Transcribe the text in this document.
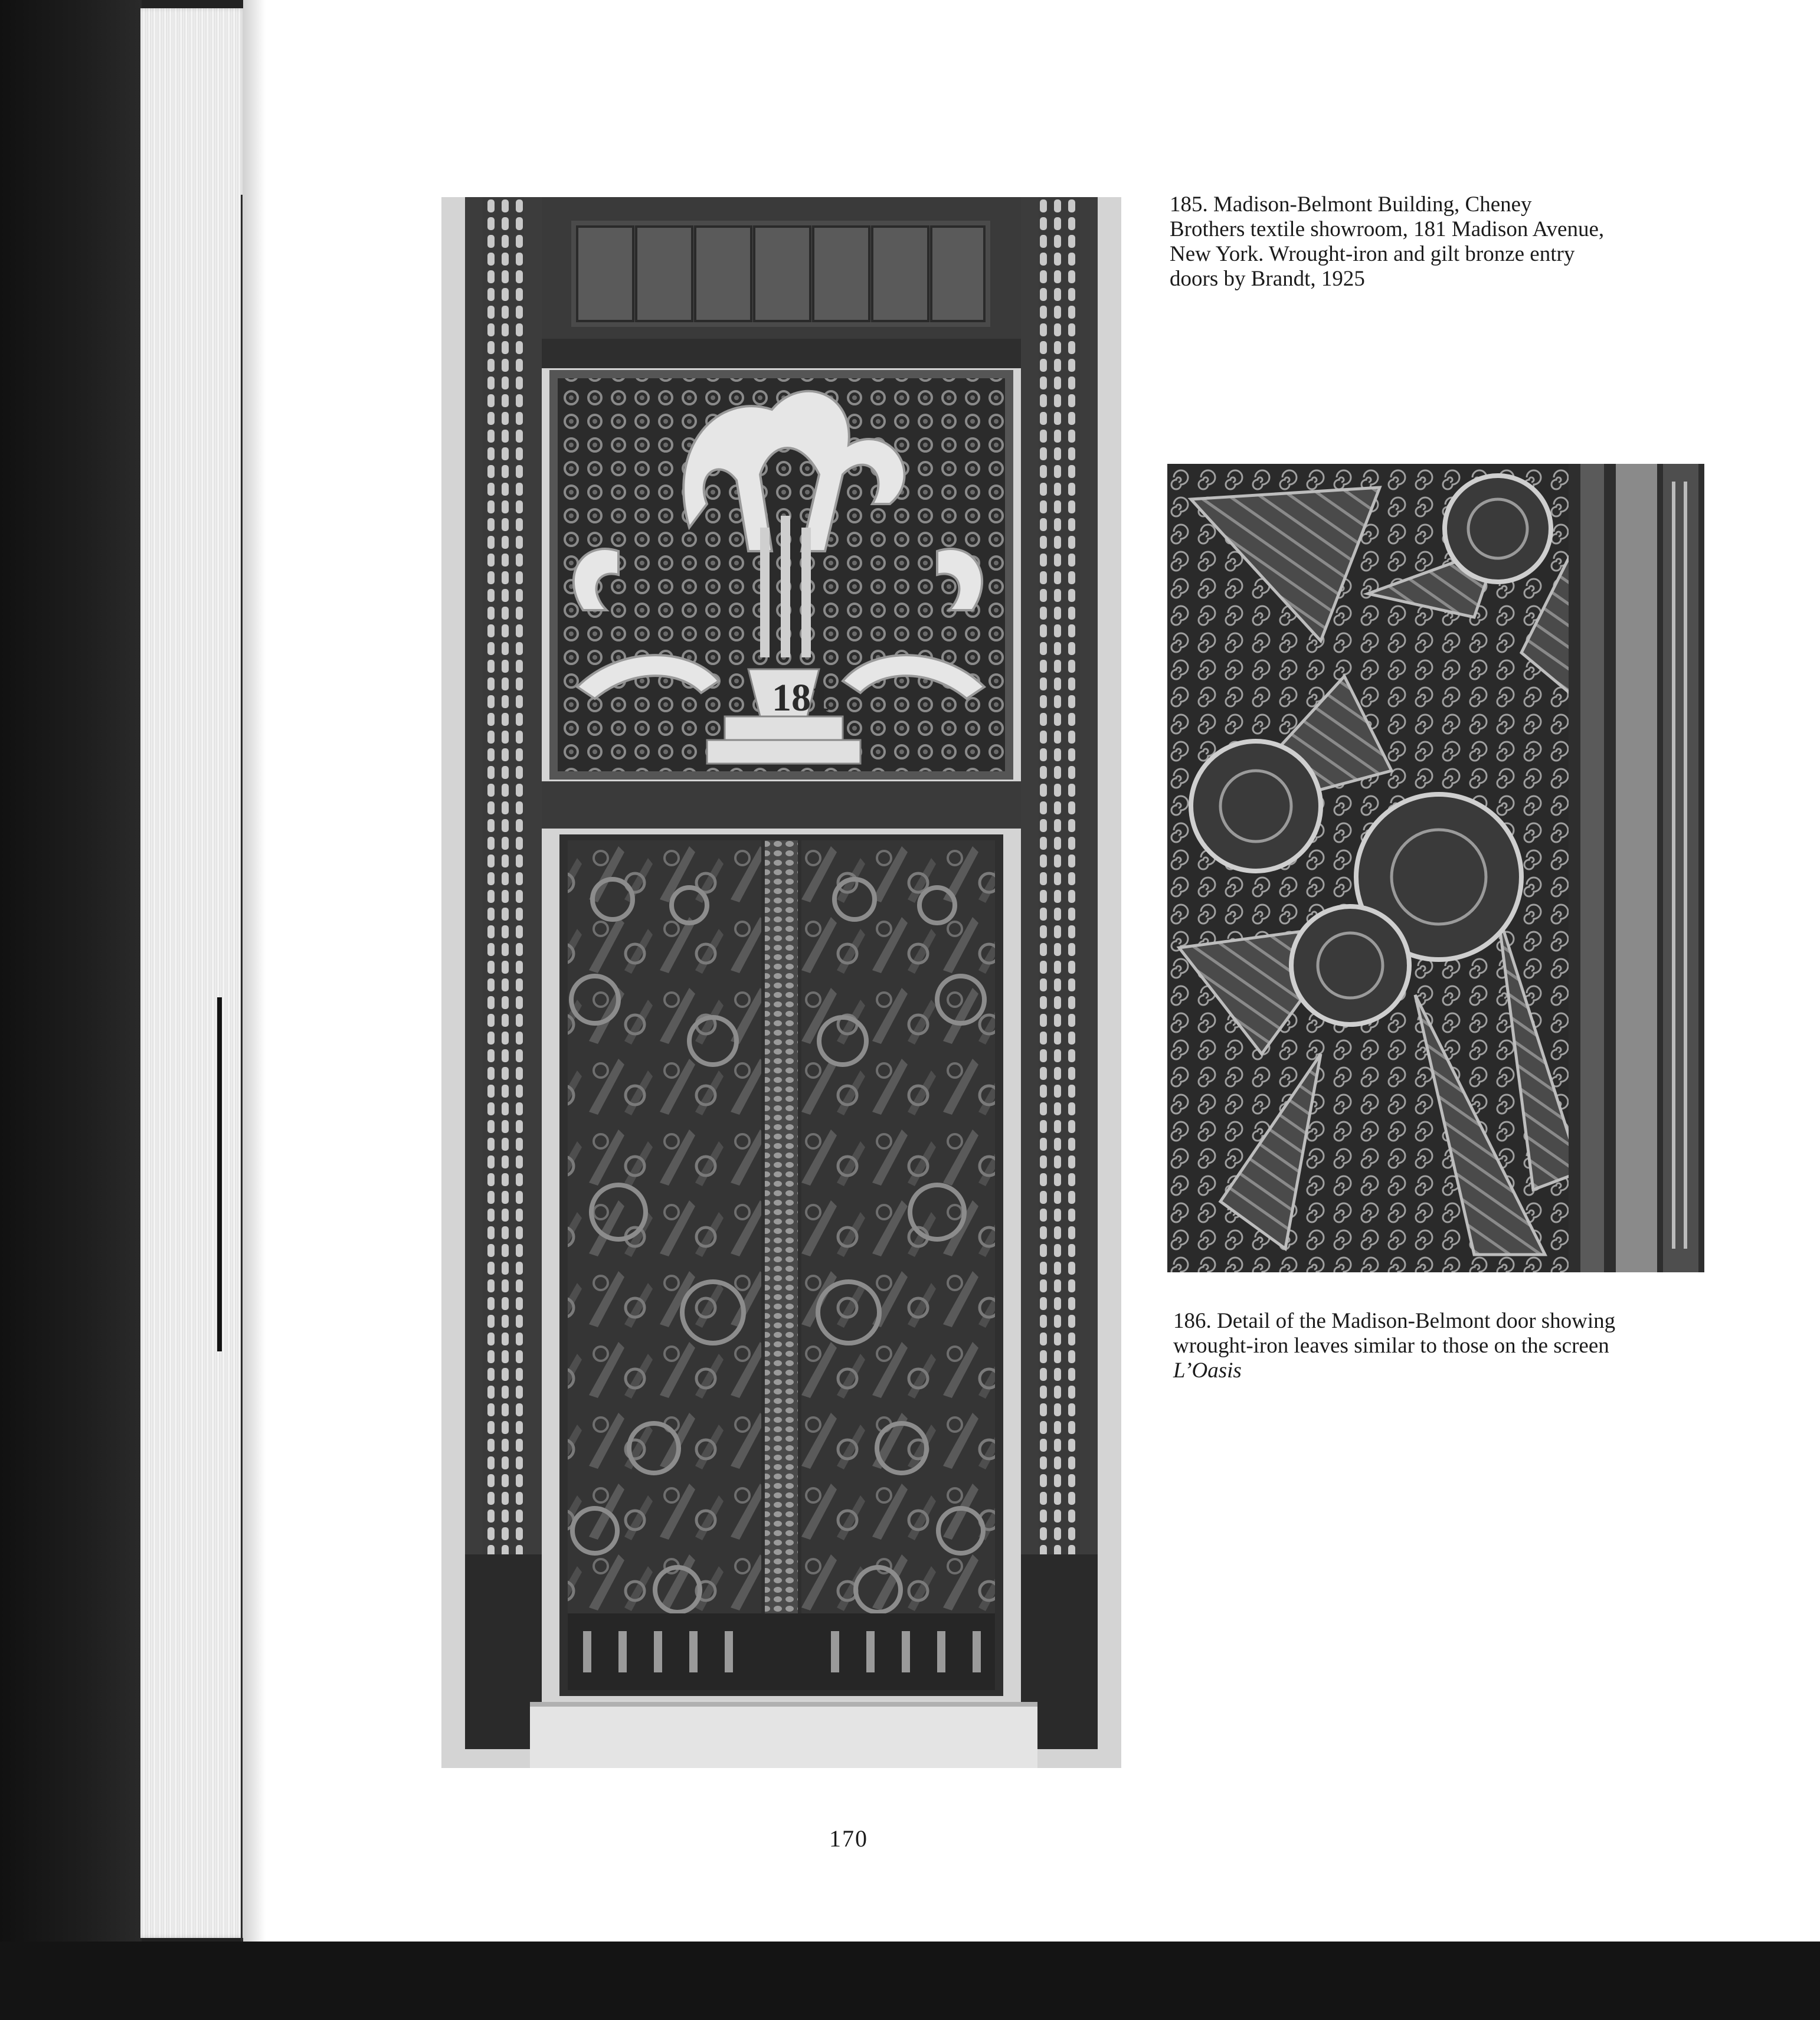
181
185. Madison-Belmont Building, Cheney Brothers textile showroom, 181 Madison Avenue, New York. Wrought-iron and gilt bronze entry doors by Brandt, 1925
186. Detail of the Madison-Belmont door showing wrought-iron leaves similar to those on the screen L’Oasis
170
